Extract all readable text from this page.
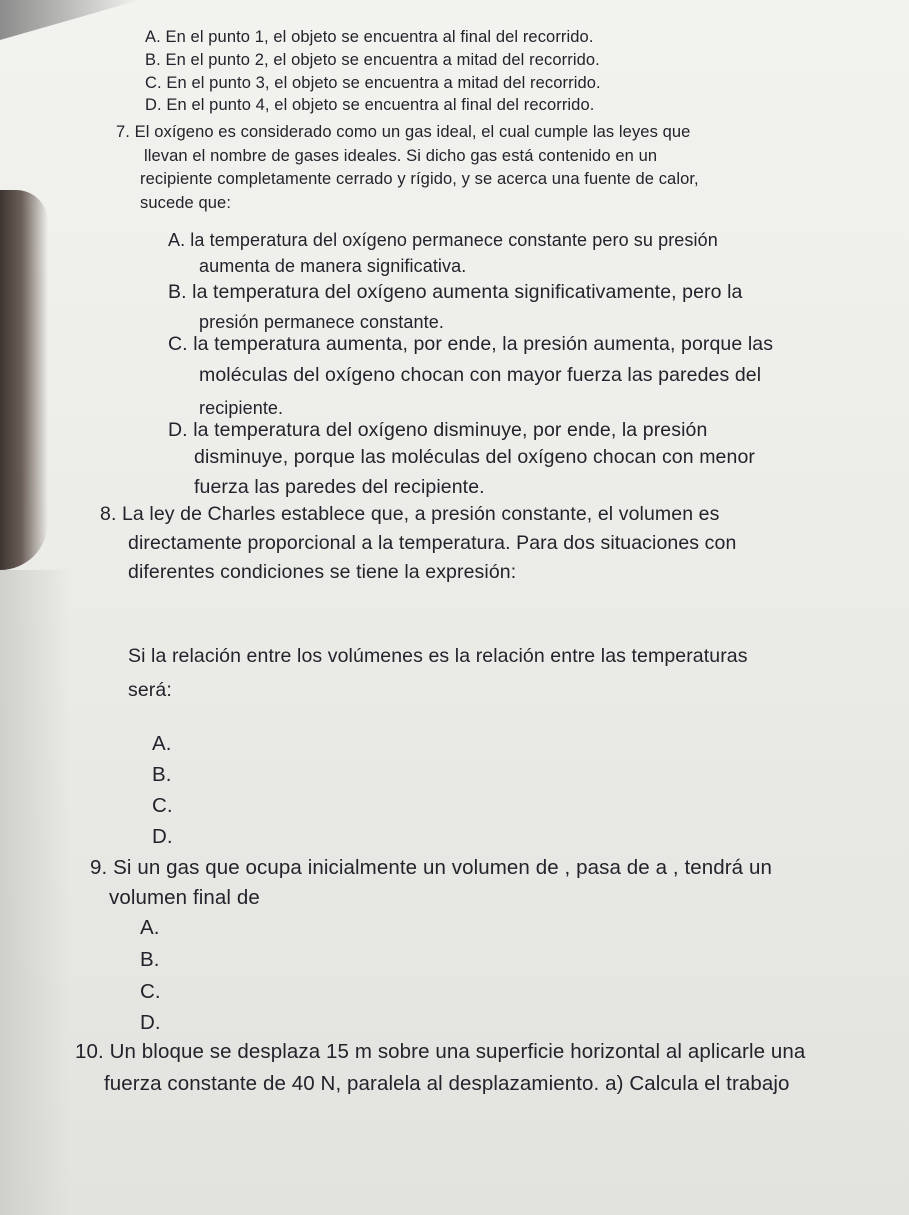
A. En el punto 1, el objeto se encuentra al final del recorrido.
B. En el punto 2, el objeto se encuentra a mitad del recorrido.
C. En el punto 3, el objeto se encuentra a mitad del recorrido.
D. En el punto 4, el objeto se encuentra al final del recorrido.
7. El oxígeno es considerado como un gas ideal, el cual cumple las leyes que
llevan el nombre de gases ideales. Si dicho gas está contenido en un
recipiente completamente cerrado y rígido, y se acerca una fuente de calor,
sucede que:
A. la temperatura del oxígeno permanece constante pero su presión
aumenta de manera significativa.
B. la temperatura del oxígeno aumenta significativamente, pero la
presión permanece constante.
C. la temperatura aumenta, por ende, la presión aumenta, porque las
moléculas del oxígeno chocan con mayor fuerza las paredes del
recipiente.
D. la temperatura del oxígeno disminuye, por ende, la presión
disminuye, porque las moléculas del oxígeno chocan con menor
fuerza las paredes del recipiente.
8. La ley de Charles establece que, a presión constante, el volumen es
directamente proporcional a la temperatura. Para dos situaciones con
diferentes condiciones se tiene la expresión:
Si la relación entre los volúmenes es la relación entre las temperaturas
será:
A.
B.
C.
D.
9. Si un gas que ocupa inicialmente un volumen de , pasa de a , tendrá un
volumen final de
A.
B.
C.
D.
10. Un bloque se desplaza 15 m sobre una superficie horizontal al aplicarle una
fuerza constante de 40 N, paralela al desplazamiento. a) Calcula el trabajo
